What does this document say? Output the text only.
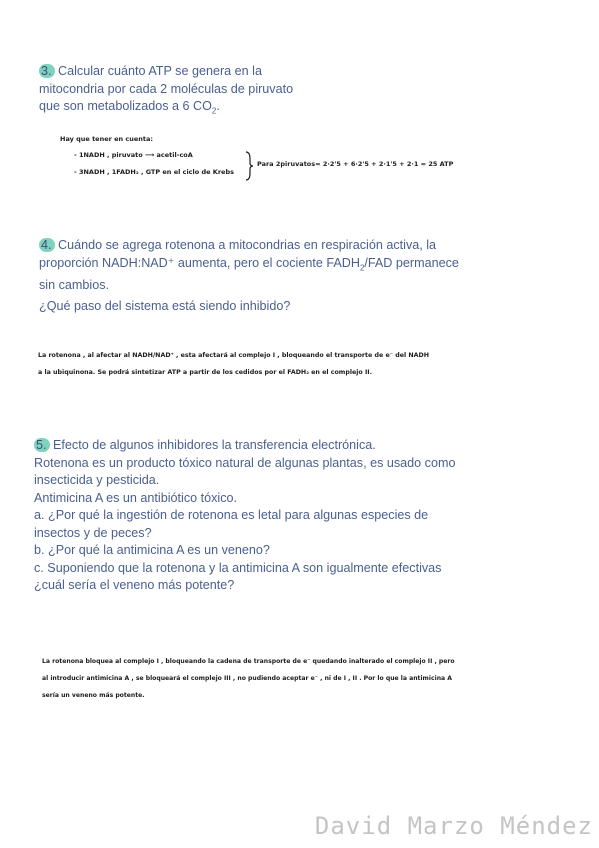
3. Calcular cuánto ATP se genera en la
mitocondria por cada 2 moléculas de piruvato
que son metabolizados a 6 $CO_2$.
Hay que tener en cuenta:
- 1NADH , piruvato ⟶ acetil-coA
- 3NADH , 1FADH₂ , GTP en el ciclo de Krebs
Para 2piruvatos= 2·2'5 + 6·2'5 + 2·1'5 + 2·1 = 25 ATP
4. Cuándo se agrega rotenona a mitocondrias en respiración activa, la
proporción NADH:NAD⁺ aumenta, pero el cociente $FADH_2$/FAD permanece
sin cambios.
¿Qué paso del sistema está siendo inhibido?
La rotenona , al afectar al NADH/NAD⁺ , esta afectará al complejo I , bloqueando el transporte de e⁻ del NADH
a la ubiquinona. Se podrá sintetizar ATP a partir de los cedidos por el FADH₂ en el complejo II.
5. Efecto de algunos inhibidores la transferencia electrónica.
Rotenona es un producto tóxico natural de algunas plantas, es usado como
insecticida y pesticida.
Antimicina A es un antibiótico tóxico.
a. ¿Por qué la ingestión de rotenona es letal para algunas especies de
insectos y de peces?
b. ¿Por qué la antimicina A es un veneno?
c. Suponiendo que la rotenona y la antimicina A son igualmente efectivas
¿cuál sería el veneno más potente?
La rotenona bloquea al complejo I , bloqueando la cadena de transporte de e⁻ quedando inalterado el complejo II , pero
al introducir antimicina A , se bloqueará el complejo III , no pudiendo aceptar e⁻ , ni de I , II . Por lo que la antimicina A
sería un veneno más potente.
David Marzo Méndez
